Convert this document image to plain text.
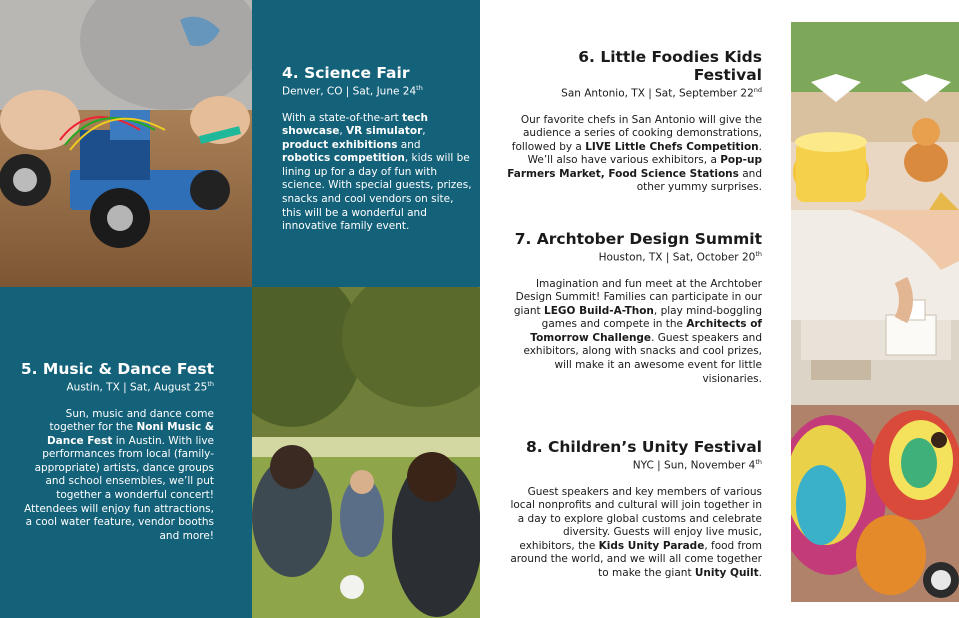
4. Science Fair
Denver, CO | Sat, June 24th
With a state-of-the-art tech showcase, VR simulator, product exhibitions and robotics competition, kids will be lining up for a day of fun with science. With special guests, prizes, snacks and cool vendors on site, this will be a wonderful and innovative family event.
5. Music & Dance Fest
Austin, TX | Sat, August 25th
Sun, music and dance come together for the Noni Music & Dance Fest in Austin. With live performances from local (family-appropriate) artists, dance groups and school ensembles, we’ll put together a wonderful concert! Attendees will enjoy fun attractions, a cool water feature, vendor booths and more!
6. Little Foodies Kids Festival
San Antonio, TX | Sat, September 22nd
Our favorite chefs in San Antonio will give the audience a series of cooking demonstrations, followed by a LIVE Little Chefs Competition. We’ll also have various exhibitors, a Pop-up Farmers Market, Food Science Stations and other yummy surprises.
7. Archtober Design Summit
Houston, TX | Sat, October 20th
Imagination and fun meet at the Archtober Design Summit! Families can participate in our giant LEGO Build-A-Thon, play mind-boggling games and compete in the Architects of Tomorrow Challenge. Guest speakers and exhibitors, along with snacks and cool prizes, will make it an awesome event for little visionaries.
8. Children’s Unity Festival
NYC | Sun, November 4th
Guest speakers and key members of various local nonprofits and cultural will join together in a day to explore global customs and celebrate diversity. Guests will enjoy live music, exhibitors, the Kids Unity Parade, food from around the world, and we will all come together to make the giant Unity Quilt.
